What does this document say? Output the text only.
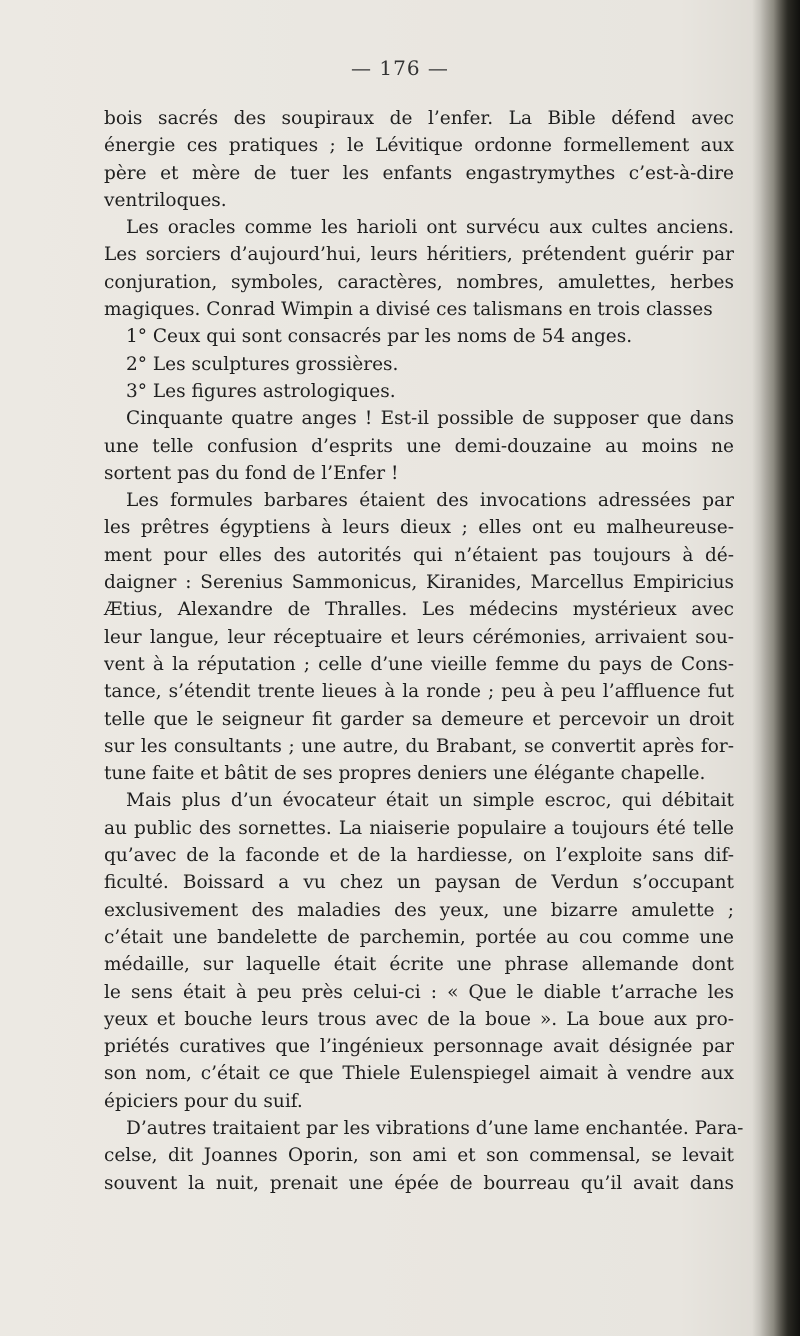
— 176 —
bois sacrés des soupiraux de l’enfer. La Bible défend avec
énergie ces pratiques ; le Lévitique ordonne formellement aux
père et mère de tuer les enfants engastrymythes c’est-à-dire
ventriloques.
Les oracles comme les harioli ont survécu aux cultes anciens.
Les sorciers d’aujourd’hui, leurs héritiers, prétendent guérir par
conjuration, symboles, caractères, nombres, amulettes, herbes
magiques. Conrad Wimpin a divisé ces talismans en trois classes
1° Ceux qui sont consacrés par les noms de 54 anges.
2° Les sculptures grossières.
3° Les figures astrologiques.
Cinquante quatre anges ! Est-il possible de supposer que dans
une telle confusion d’esprits une demi-douzaine au moins ne
sortent pas du fond de l’Enfer !
Les formules barbares étaient des invocations adressées par
les prêtres égyptiens à leurs dieux ; elles ont eu malheureuse-
ment pour elles des autorités qui n’étaient pas toujours à dé-
daigner : Serenius Sammonicus, Kiranides, Marcellus Empiricius
Ætius, Alexandre de Thralles. Les médecins mystérieux avec
leur langue, leur réceptuaire et leurs cérémonies, arrivaient sou-
vent à la réputation ; celle d’une vieille femme du pays de Cons-
tance, s’étendit trente lieues à la ronde ; peu à peu l’affluence fut
telle que le seigneur fit garder sa demeure et percevoir un droit
sur les consultants ; une autre, du Brabant, se convertit après for-
tune faite et bâtit de ses propres deniers une élégante chapelle.
Mais plus d’un évocateur était un simple escroc, qui débitait
au public des sornettes. La niaiserie populaire a toujours été telle
qu’avec de la faconde et de la hardiesse, on l’exploite sans dif-
ficulté. Boissard a vu chez un paysan de Verdun s’occupant
exclusivement des maladies des yeux, une bizarre amulette ;
c’était une bandelette de parchemin, portée au cou comme une
médaille, sur laquelle était écrite une phrase allemande dont
le sens était à peu près celui-ci : « Que le diable t’arrache les
yeux et bouche leurs trous avec de la boue ». La boue aux pro-
priétés curatives que l’ingénieux personnage avait désignée par
son nom, c’était ce que Thiele Eulenspiegel aimait à vendre aux
épiciers pour du suif.
D’autres traitaient par les vibrations d’une lame enchantée. Para-
celse, dit Joannes Oporin, son ami et son commensal, se levait
souvent la nuit, prenait une épée de bourreau qu’il avait dans
